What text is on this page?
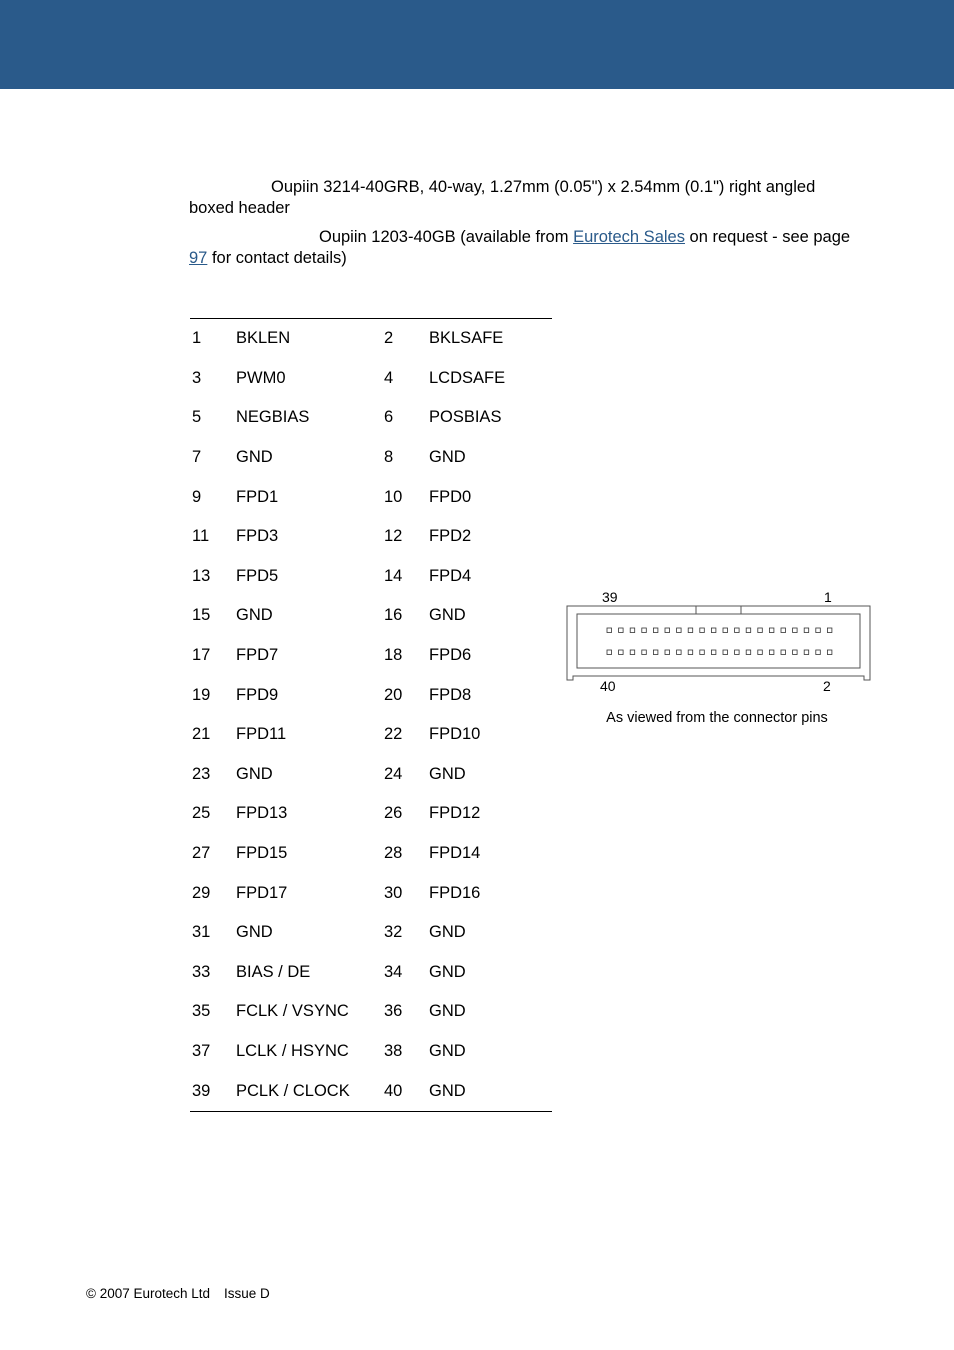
Oupiin 3214-40GRB, 40-way, 1.27mm (0.05") x 2.54mm (0.1") right angled boxed header
Oupiin 1203-40GB (available from Eurotech Sales on request - see page 97 for contact details)
1	BKLEN	2	BKLSAFE
3	PWM0	4	LCDSAFE
5	NEGBIAS	6	POSBIAS
7	GND	8	GND
9	FPD1	10	FPD0
11	FPD3	12	FPD2
13	FPD5	14	FPD4
15	GND	16	GND
17	FPD7	18	FPD6
19	FPD9	20	FPD8
21	FPD11	22	FPD10
23	GND	24	GND
25	FPD13	26	FPD12
27	FPD15	28	FPD14
29	FPD17	30	FPD16
31	GND	32	GND
33	BIAS / DE	34	GND
35	FCLK / VSYNC	36	GND
37	LCLK / HSYNC	38	GND
39	PCLK / CLOCK	40	GND
39	1
40	2
As viewed from the connector pins
© 2007 Eurotech Ltd Issue D
